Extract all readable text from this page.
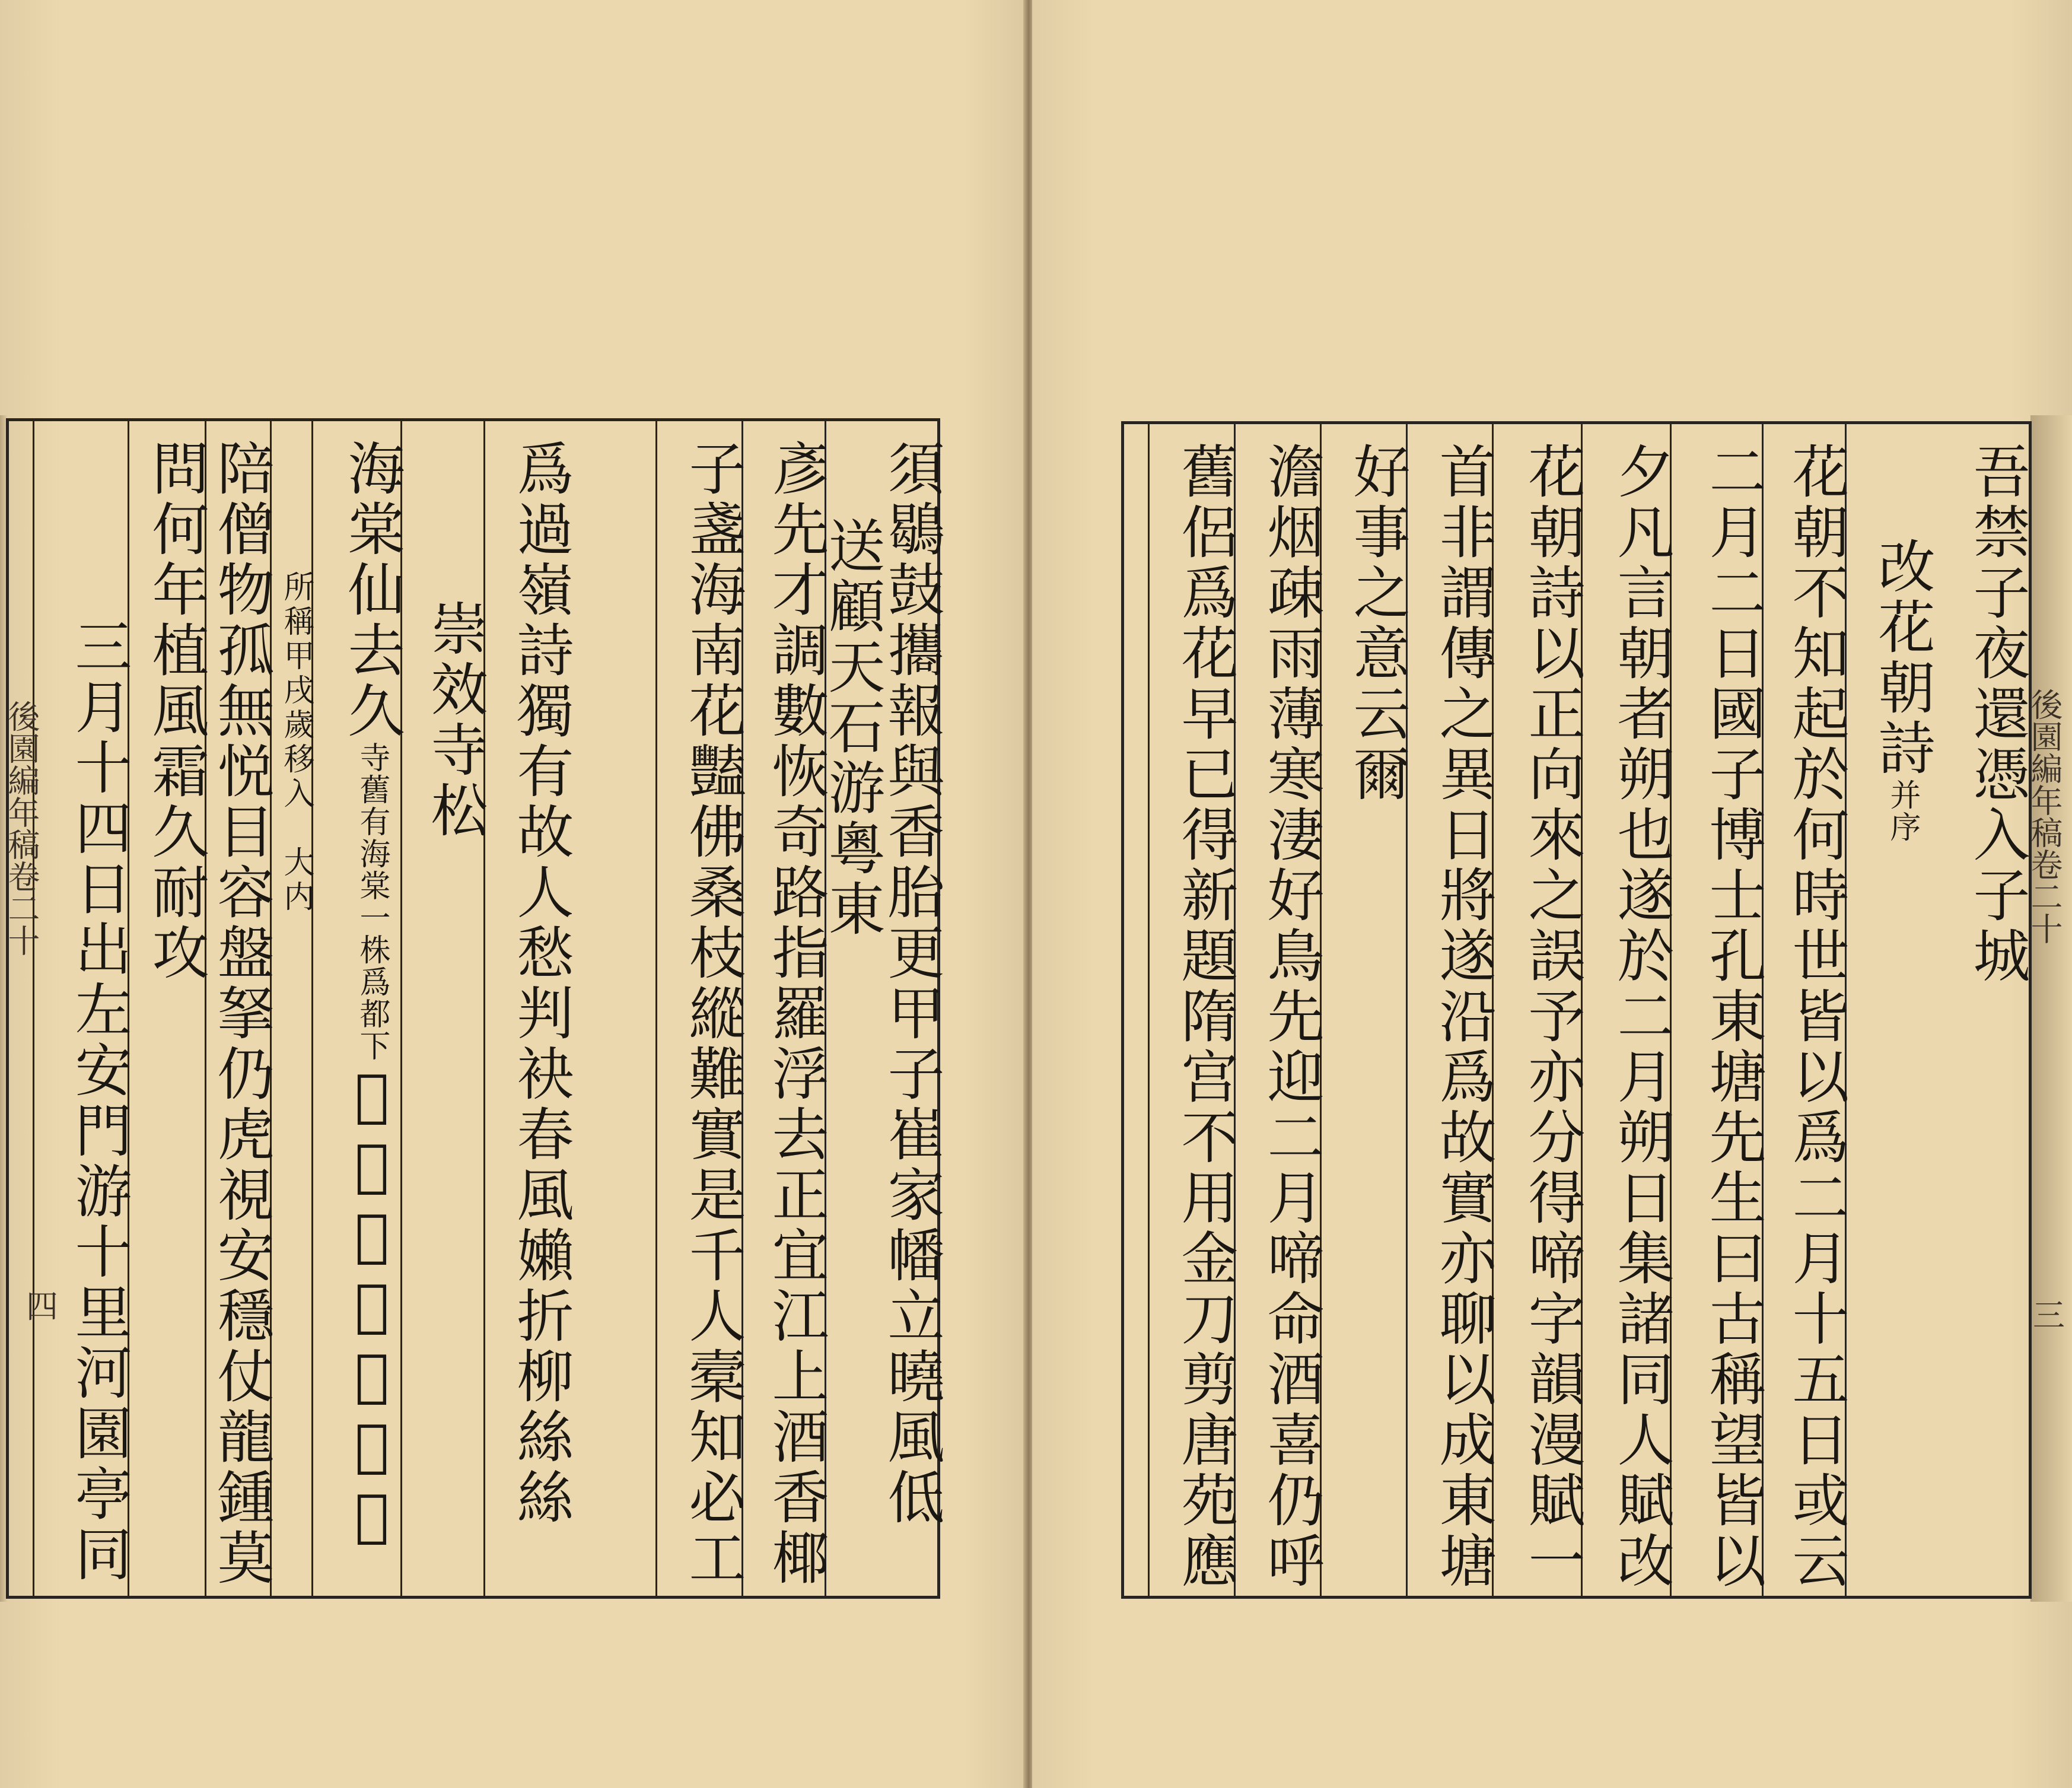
須鶡鼓攜報與香胎更甲子崔家幡立曉風低
送顧天石游粵東
彥先才調數恢奇路指羅浮去正宜江上酒香椰
子盞海南花豔佛桑枝縱難實是千人槖知必工
爲過嶺詩獨有故人愁判袂春風嬾折柳絲絲
崇效寺松
海棠仙去久寺舊有海棠一株爲都下𢈍院只畱松傲是
所稱甲戌歲移入　大内
陪僧物孤無悦目容盤拏仍虎視安穩仗龍鍾莫
問何年植風霜久耐攻
三月十四日出左安門游十里河園亭同
後園編年稿卷二十
四
後園編年稿卷二十
三
吾禁子夜還憑入子城
改花朝詩并序
花朝不知起於何時世皆以爲二月十五日或云
二月二日國子博士孔東塘先生曰古稱望皆以
夕凡言朝者朔也遂於二月朔日集諸同人賦改
花朝詩以正向來之誤予亦分得啼字韻漫賦一
首非謂傳之異日將遂沿爲故實亦聊以成東塘
好事之意云爾
澹烟疎雨薄寒淒好鳥先迎二月啼命酒喜仍呼
舊侶爲花早已得新題隋宫不用金刀剪唐苑應
